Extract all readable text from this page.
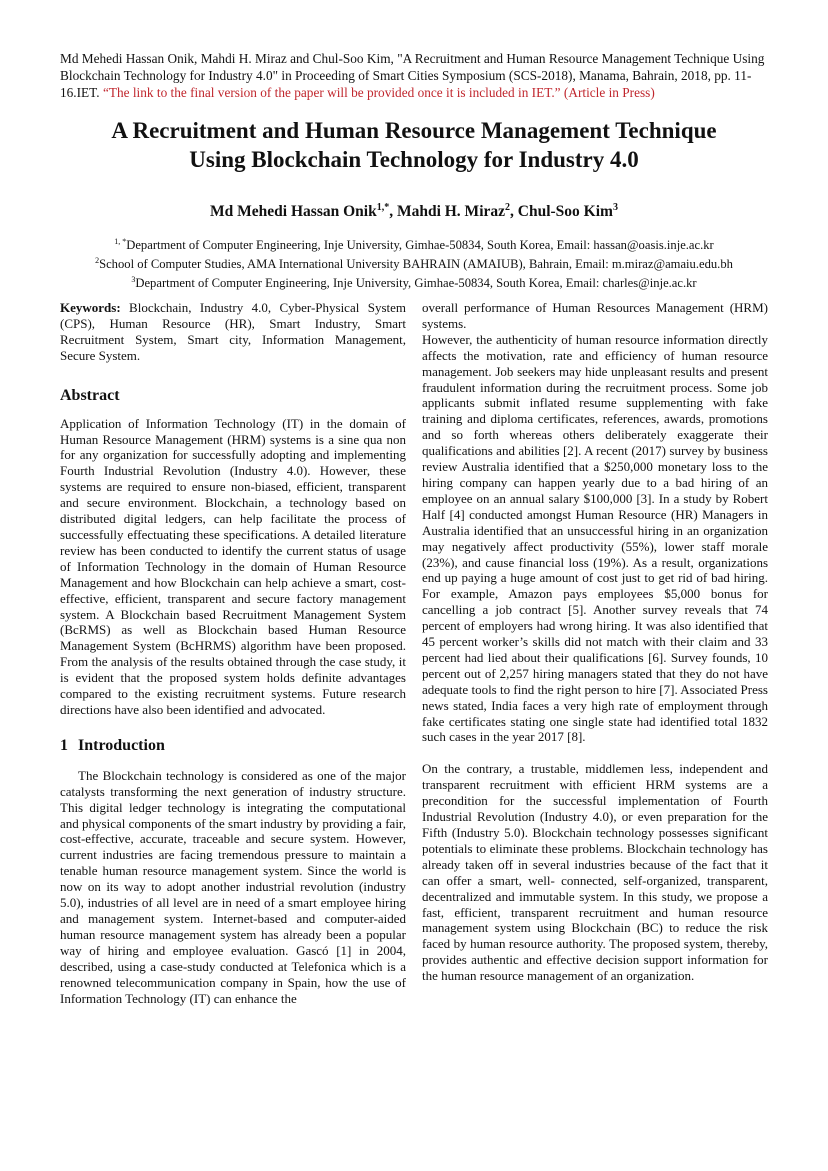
Md Mehedi Hassan Onik, Mahdi H. Miraz and Chul-Soo Kim, "A Recruitment and Human Resource Management Technique Using Blockchain Technology for Industry 4.0" in Proceeding of Smart Cities Symposium (SCS-2018), Manama, Bahrain, 2018, pp. 11-16.IET. “The link to the final version of the paper will be provided once it is included in IET.” (Article in Press)
A Recruitment and Human Resource Management Technique
Using Blockchain Technology for Industry 4.0
Md Mehedi Hassan Onik$^{1,*}$, Mahdi H. Miraz$^2$, Chul-Soo Kim$^3$
$^{1, *}$Department of Computer Engineering, Inje University, Gimhae-50834, South Korea, Email: hassan@oasis.inje.ac.kr
$^2$School of Computer Studies, AMA International University BAHRAIN (AMAIUB), Bahrain, Email: m.miraz@amaiu.edu.bh
$^3$Department of Computer Engineering, Inje University, Gimhae-50834, South Korea, Email: charles@inje.ac.kr

Keywords: Blockchain, Industry 4.0, Cyber-Physical System (CPS), Human Resource (HR), Smart Industry, Smart Recruitment System, Smart city, Information Management, Secure System.

Abstract

Application of Information Technology (IT) in the domain of Human Resource Management (HRM) systems is a sine qua non for any organization for successfully adopting and implementing Fourth Industrial Revolution (Industry 4.0). However, these systems are required to ensure non-biased, efficient, transparent and secure environment. Blockchain, a technology based on distributed digital ledgers, can help facilitate the process of successfully effectuating these specifications. A detailed literature review has been conducted to identify the current status of usage of Information Technology in the domain of Human Resource Management and how Blockchain can help achieve a smart, cost-effective, efficient, transparent and secure factory management system. A Blockchain based Recruitment Management System (BcRMS) as well as Blockchain based Human Resource Management System (BcHRMS) algorithm have been proposed. From the analysis of the results obtained through the case study, it is evident that the proposed system holds definite advantages compared to the existing recruitment systems. Future research directions have also been identified and advocated.

1 Introduction

The Blockchain technology is considered as one of the major catalysts transforming the next generation of industry structure. This digital ledger technology is integrating the computational and physical components of the smart industry by providing a fair, cost-effective, accurate, traceable and secure system. However, current industries are facing tremendous pressure to maintain a tenable human resource management system. Since the world is now on its way to adopt another industrial revolution (industry 5.0), industries of all level are in need of a smart employee hiring and management system. Internet-based and computer-aided human resource management system has already been a popular way of hiring and employee evaluation. Gascó [1] in 2004, described, using a case-study conducted at Telefonica which is a renowned telecommunication company in Spain, how the use of Information Technology (IT) can enhance the

overall performance of Human Resources Management (HRM) systems.

However, the authenticity of human resource information directly affects the motivation, rate and efficiency of human resource management. Job seekers may hide unpleasant results and present fraudulent information during the recruitment process. Some job applicants submit inflated resume supplementing with fake training and diploma certificates, references, awards, promotions and so forth whereas others deliberately exaggerate their qualifications and abilities [2]. A recent (2017) survey by business review Australia identified that a $250,000 monetary loss to the hiring company can happen yearly due to a bad hiring of an employee on an annual salary $100,000 [3]. In a study by Robert Half [4] conducted amongst Human Resource (HR) Managers in Australia identified that an unsuccessful hiring in an organization may negatively affect productivity (55%), lower staff morale (23%), and cause financial loss (19%). As a result, organizations end up paying a huge amount of cost just to get rid of bad hiring. For example, Amazon pays employees $5,000 bonus for cancelling a job contract [5]. Another survey reveals that 74 percent of employers had wrong hiring. It was also identified that 45 percent worker’s skills did not match with their claim and 33 percent had lied about their qualifications [6]. Survey founds, 10 percent out of 2,257 hiring managers stated that they do not have adequate tools to find the right person to hire [7]. Associated Press news stated, India faces a very high rate of employment through fake certificates stating one single state had identified total 1832 such cases in the year 2017 [8].

On the contrary, a trustable, middlemen less, independent and transparent recruitment with efficient HRM systems are a precondition for the successful implementation of Fourth Industrial Revolution (Industry 4.0), or even preparation for the Fifth (Industry 5.0). Blockchain technology possesses significant potentials to eliminate these problems. Blockchain technology has already taken off in several industries because of the fact that it can offer a smart, well- connected, self-organized, transparent, decentralized and immutable system. In this study, we propose a fast, efficient, transparent recruitment and human resource management system using Blockchain (BC) to reduce the risk faced by human resource authority. The proposed system, thereby, provides authentic and effective decision support information for the human resource management of an organization.
